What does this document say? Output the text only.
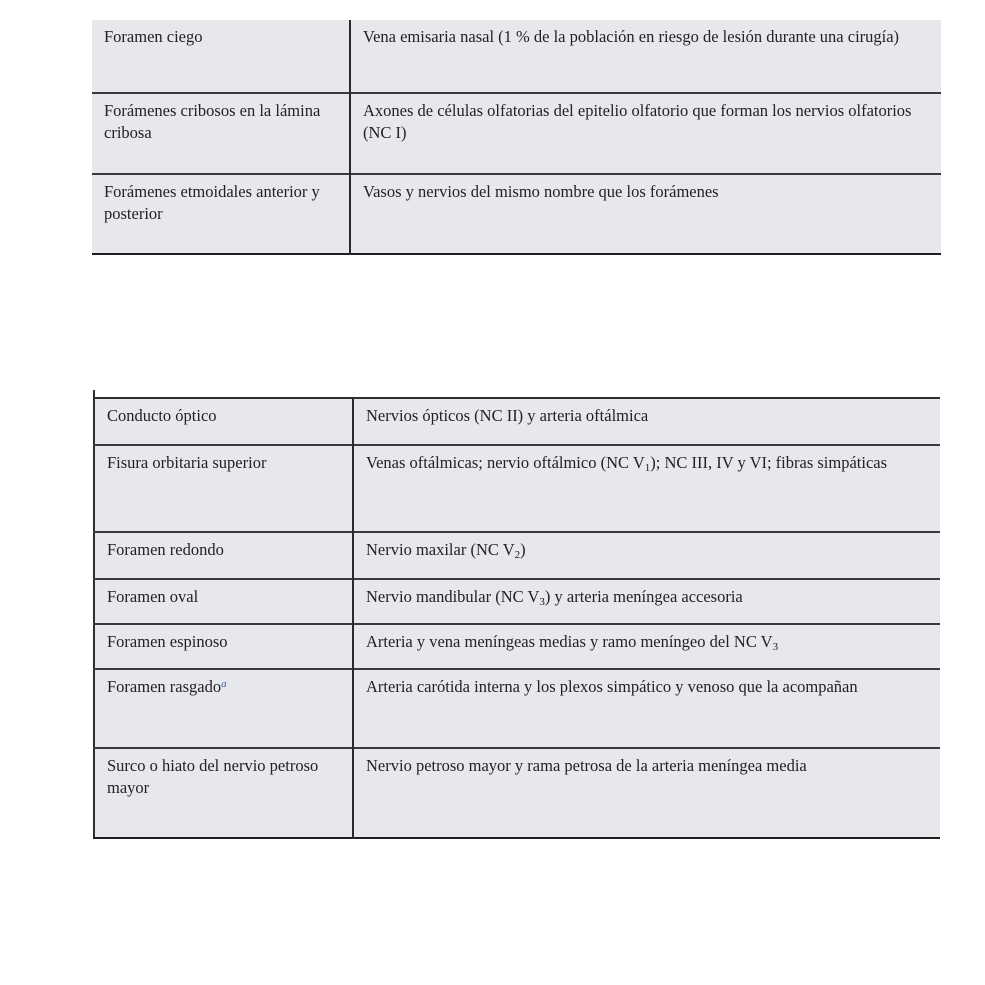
Foramen ciego	Vena emisaria nasal (1 % de la población en riesgo de lesión durante una cirugía)
Forámenes cribosos en la lámina cribosa	Axones de células olfatorias del epitelio olfatorio que forman los nervios olfatorios (NC I)
Forámenes etmoidales anterior y posterior	Vasos y nervios del mismo nombre que los forámenes
Conducto óptico	Nervios ópticos (NC II) y arteria oftálmica
Fisura orbitaria superior	Venas oftálmicas; nervio oftálmico (NC $V_1$); NC III, IV y VI; fibras simpáticas
Foramen redondo	Nervio maxilar (NC $V_2$)
Foramen oval	Nervio mandibular (NC $V_3$) y arteria meníngea accesoria
Foramen espinoso	Arteria y vena meníngeas medias y ramo meníngeo del NC $V_3$
Foramen rasgado$^a$	Arteria carótida interna y los plexos simpático y venoso que la acompañan
Surco o hiato del nervio petroso mayor	Nervio petroso mayor y rama petrosa de la arteria meníngea media
